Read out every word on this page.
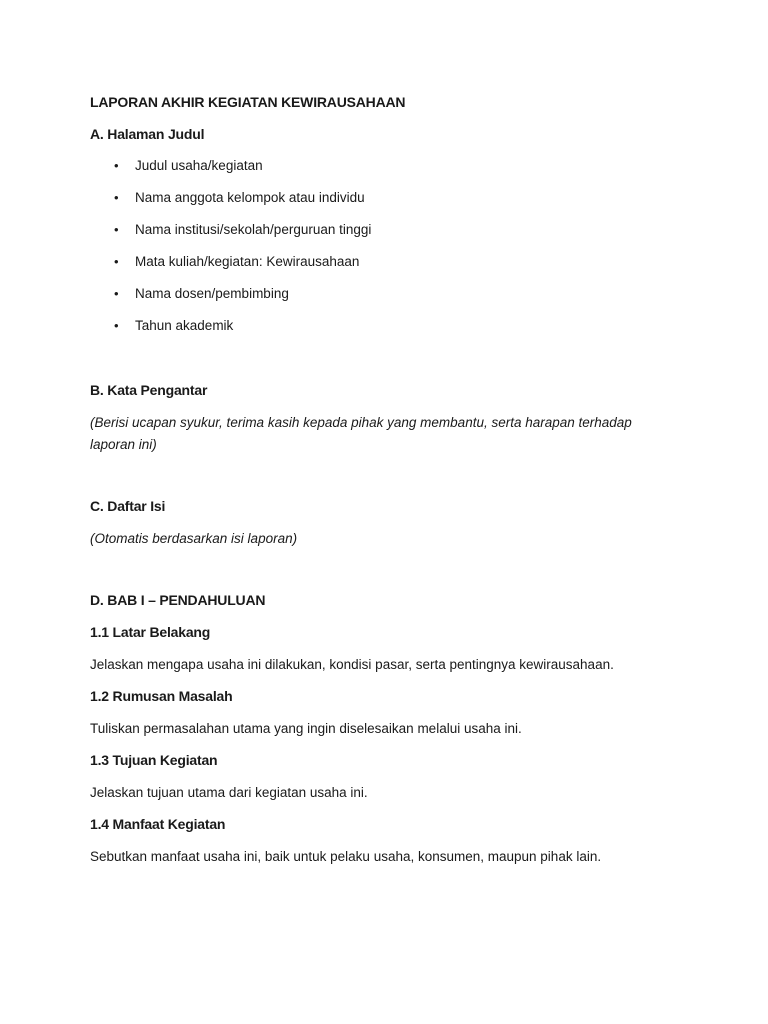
LAPORAN AKHIR KEGIATAN KEWIRAUSAHAAN

A. Halaman Judul

• Judul usaha/kegiatan
• Nama anggota kelompok atau individu
• Nama institusi/sekolah/perguruan tinggi
• Mata kuliah/kegiatan: Kewirausahaan
• Nama dosen/pembimbing
• Tahun akademik

B. Kata Pengantar

(Berisi ucapan syukur, terima kasih kepada pihak yang membantu, serta harapan terhadap laporan ini)

C. Daftar Isi

(Otomatis berdasarkan isi laporan)

D. BAB I – PENDAHULUAN

1.1 Latar Belakang

Jelaskan mengapa usaha ini dilakukan, kondisi pasar, serta pentingnya kewirausahaan.

1.2 Rumusan Masalah

Tuliskan permasalahan utama yang ingin diselesaikan melalui usaha ini.

1.3 Tujuan Kegiatan

Jelaskan tujuan utama dari kegiatan usaha ini.

1.4 Manfaat Kegiatan

Sebutkan manfaat usaha ini, baik untuk pelaku usaha, konsumen, maupun pihak lain.
